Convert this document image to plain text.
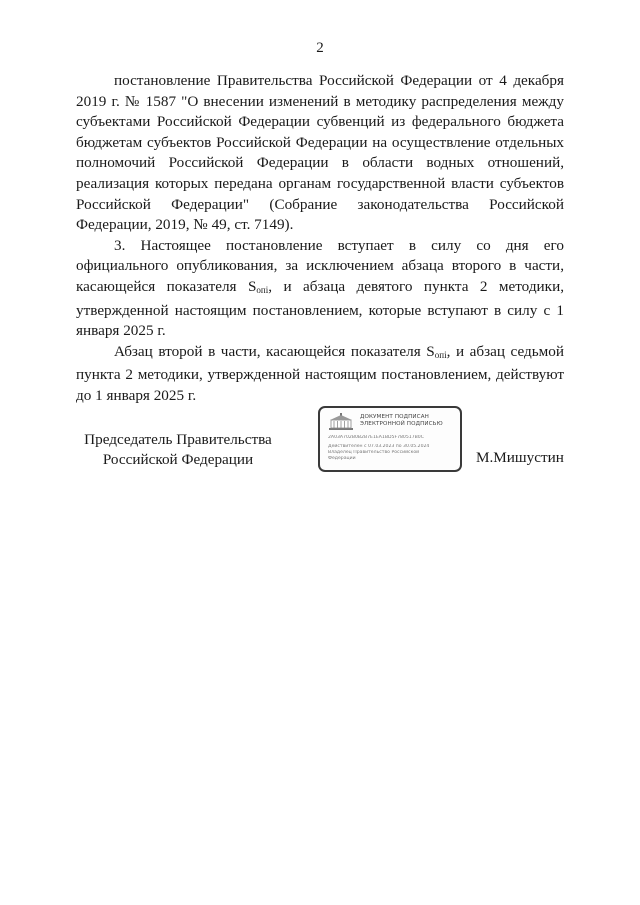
2

постановление Правительства Российской Федерации от 4 декабря 2019 г. № 1587 "О внесении изменений в методику распределения между субъектами Российской Федерации субвенций из федерального бюджета бюджетам субъектов Российской Федерации на осуществление отдельных полномочий Российской Федерации в области водных отношений, реализация которых передана органам государственной власти субъектов Российской Федерации" (Собрание законодательства Российской Федерации, 2019, № 49, ст. 7149).

3. Настоящее постановление вступает в силу со дня его официального опубликования, за исключением абзаца второго в части, касающейся показателя $S_{опi}$, и абзаца девятого пункта 2 методики, утвержденной настоящим постановлением, которые вступают в силу с 1 января 2025 г.

Абзац второй в части, касающейся показателя $S_{опi}$, и абзац седьмой пункта 2 методики, утвержденной настоящим постановлением, действуют до 1 января 2025 г.

Председатель Правительства
Российской Федерации
ДОКУМЕНТ ПОДПИСАН
ЭЛЕКТРОННОЙ ПОДПИСЬЮ
2A03A702B0B2B7E1EA1BD5F780517B0C
Действителен с 07.03.2023 по 30.05.2024
Владелец Правительство Российской
Федерации	М.Мишустин
